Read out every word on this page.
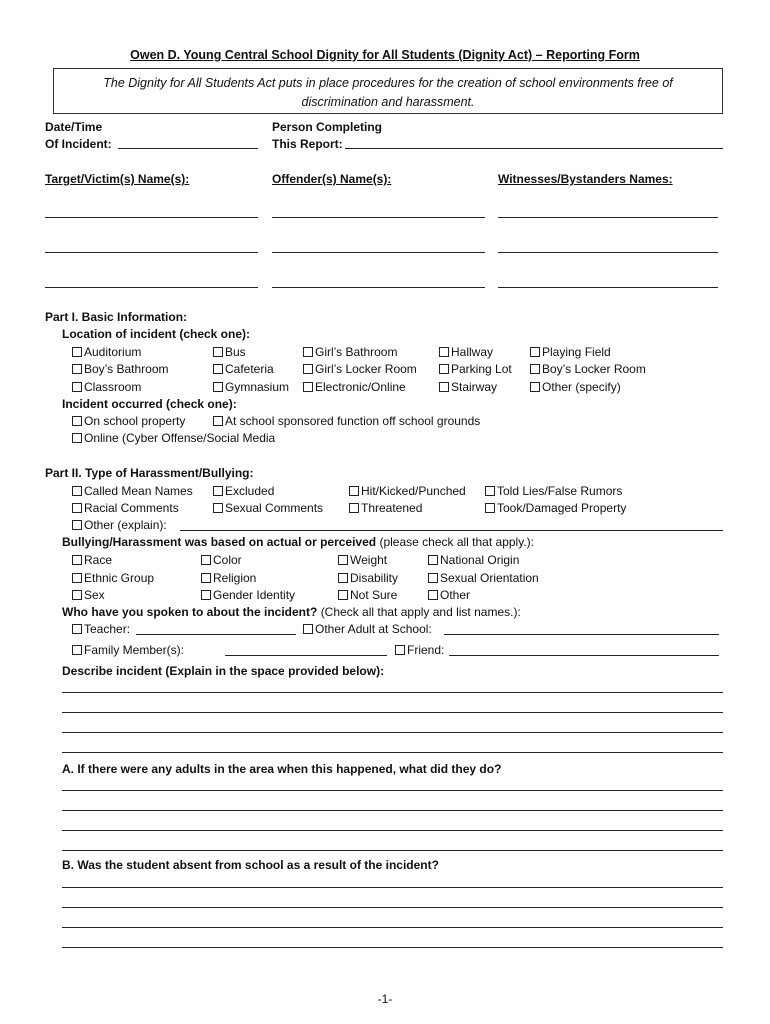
Owen D. Young Central School Dignity for All Students (Dignity Act) – Reporting Form
The Dignity for All Students Act puts in place procedures for the creation of school environments free of
discrimination and harassment.
Date/Time
Of Incident:
Person Completing
This Report:
Target/Victim(s) Name(s):	Offender(s) Name(s):	Witnesses/Bystanders Names:
Part I. Basic Information:
Location of incident (check one):
Auditorium	Bus	Girl’s Bathroom	Hallway	Playing Field
Boy’s Bathroom	Cafeteria	Girl’s Locker Room	Parking Lot	Boy’s Locker Room
Classroom	Gymnasium	Electronic/Online	Stairway	Other (specify)
Incident occurred (check one):
On school property	At school sponsored function off school grounds
Online (Cyber Offense/Social Media
Part II. Type of Harassment/Bullying:
Called Mean Names	Excluded	Hit/Kicked/Punched	Told Lies/False Rumors
Racial Comments	Sexual Comments	Threatened	Took/Damaged Property
Other (explain):
Bullying/Harassment was based on actual or perceived (please check all that apply.):
Race	Color	Weight	National Origin
Ethnic Group	Religion	Disability	Sexual Orientation
Sex	Gender Identity	Not Sure	Other
Who have you spoken to about the incident? (Check all that apply and list names.):
Teacher:	Other Adult at School:
Family Member(s):	Friend:
Describe incident (Explain in the space provided below):
A. If there were any adults in the area when this happened, what did they do?
B. Was the student absent from school as a result of the incident?
-1-
